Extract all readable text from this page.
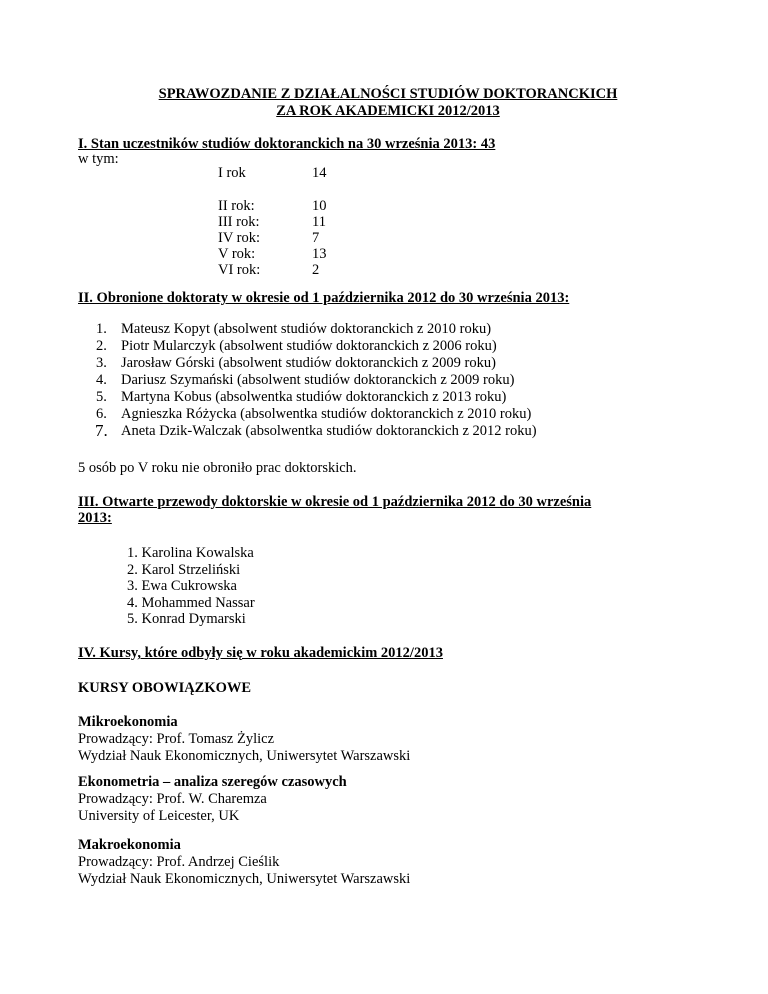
SPRAWOZDANIE Z DZIAŁALNOŚCI STUDIÓW DOKTORANCKICH
ZA ROK AKADEMICKI 2012/2013
I. Stan uczestników studiów doktoranckich na 30 września 2013: 43
w tym:
I rok	14
II rok:	10
III rok:	11
IV rok:	7
V rok:	13
VI rok:	2
II. Obronione doktoraty w okresie od 1 października 2012 do 30 września 2013:
1. Mateusz Kopyt (absolwent studiów doktoranckich z 2010 roku)
2. Piotr Mularczyk (absolwent studiów doktoranckich z 2006 roku)
3. Jarosław Górski (absolwent studiów doktoranckich z 2009 roku)
4. Dariusz Szymański (absolwent studiów doktoranckich z 2009 roku)
5. Martyna Kobus (absolwentka studiów doktoranckich z 2013 roku)
6. Agnieszka Różycka (absolwentka studiów doktoranckich z 2010 roku)
7. Aneta Dzik-Walczak (absolwentka studiów doktoranckich z 2012 roku)
5 osób po V roku nie obroniło prac doktorskich.
III. Otwarte przewody doktorskie w okresie od 1 października 2012 do 30 września
2013:
1. Karolina Kowalska
2. Karol Strzeliński
3. Ewa Cukrowska
4. Mohammed Nassar
5. Konrad Dymarski
IV. Kursy, które odbyły się w roku akademickim 2012/2013
KURSY OBOWIĄZKOWE
Mikroekonomia
Prowadzący: Prof. Tomasz Żylicz
Wydział Nauk Ekonomicznych, Uniwersytet Warszawski
Ekonometria – analiza szeregów czasowych
Prowadzący: Prof. W. Charemza
University of Leicester, UK
Makroekonomia
Prowadzący: Prof. Andrzej Cieślik
Wydział Nauk Ekonomicznych, Uniwersytet Warszawski
